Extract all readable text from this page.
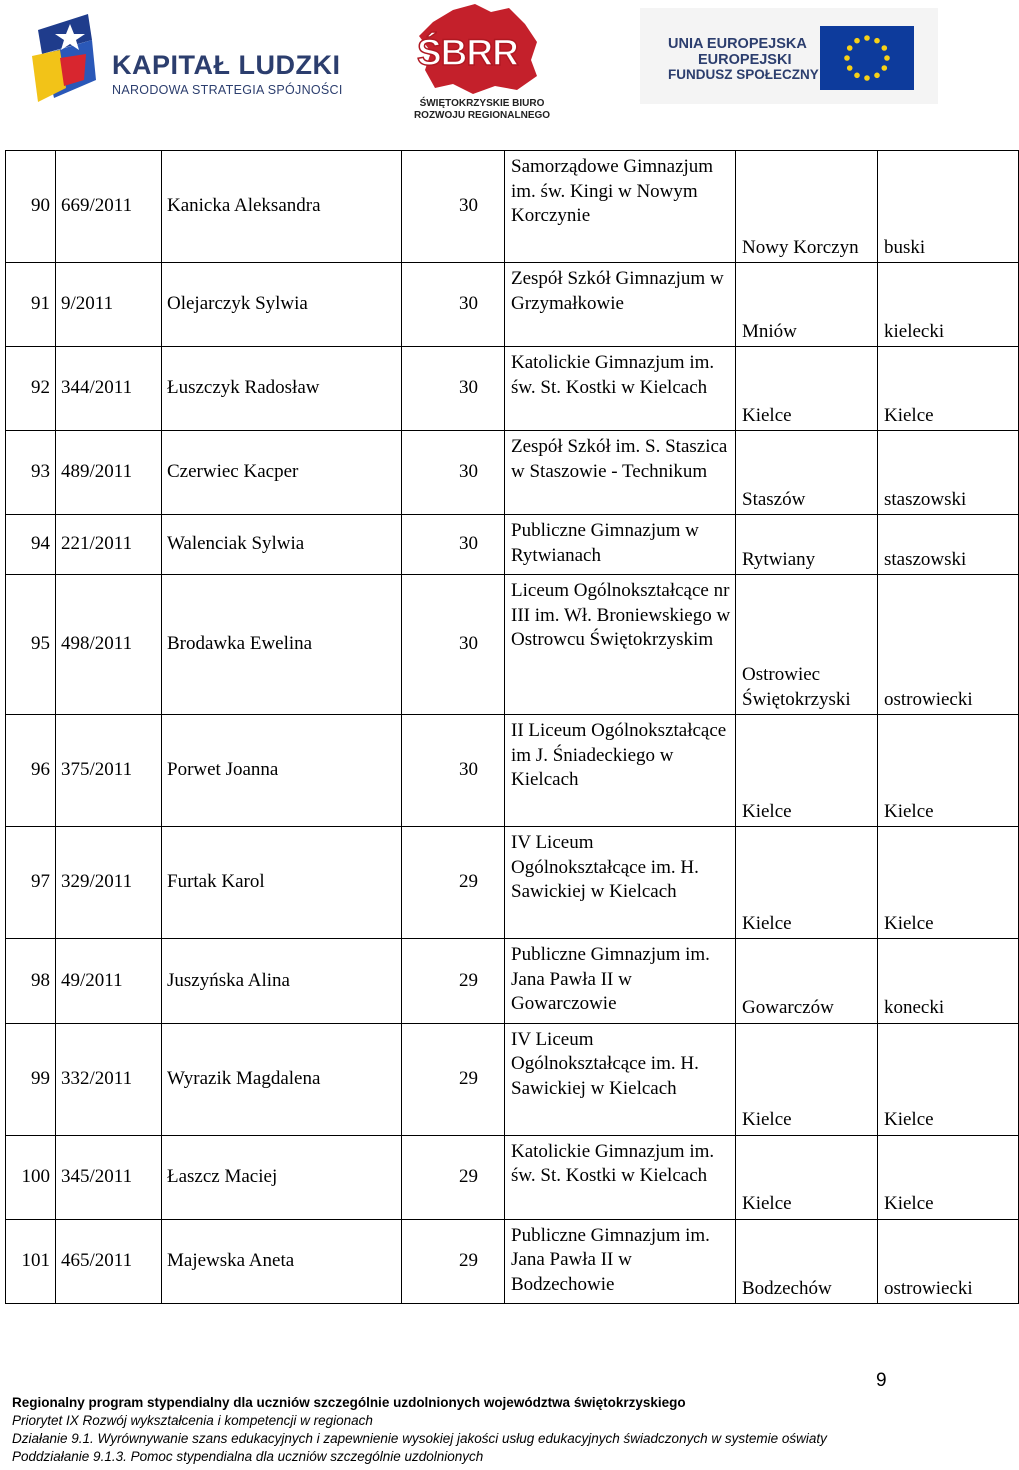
KAPITAŁ LUDZKI
NARODOWA STRATEGIA SPÓJNOŚCI
ŚBRR
ŚWIĘTOKRZYSKIE BIURO
ROZWOJU REGIONALNEGO
UNIA EUROPEJSKA
EUROPEJSKI
FUNDUSZ SPOŁECZNY
90	669/2011	Kanicka Aleksandra	30	Samorządowe Gimnazjum im. św. Kingi w Nowym Korczynie	Nowy Korczyn	buski
91	9/2011	Olejarczyk Sylwia	30	Zespół Szkół Gimnazjum w Grzymałkowie	Mniów	kielecki
92	344/2011	Łuszczyk Radosław	30	Katolickie Gimnazjum im. św. St. Kostki w Kielcach	Kielce	Kielce
93	489/2011	Czerwiec Kacper	30	Zespół Szkół im. S. Staszica w Staszowie - Technikum	Staszów	staszowski
94	221/2011	Walenciak Sylwia	30	Publiczne Gimnazjum w Rytwianach	Rytwiany	staszowski
95	498/2011	Brodawka Ewelina	30	Liceum Ogólnokształcące nr III im. Wł. Broniewskiego w Ostrowcu Świętokrzyskim	Ostrowiec Świętokrzyski	ostrowiecki
96	375/2011	Porwet Joanna	30	II Liceum Ogólnokształcące im J. Śniadeckiego w Kielcach	Kielce	Kielce
97	329/2011	Furtak Karol	29	IV Liceum Ogólnokształcące im. H. Sawickiej w Kielcach	Kielce	Kielce
98	49/2011	Juszyńska Alina	29	Publiczne Gimnazjum im. Jana Pawła II w Gowarczowie	Gowarczów	konecki
99	332/2011	Wyrazik Magdalena	29	IV Liceum Ogólnokształcące im. H. Sawickiej w Kielcach	Kielce	Kielce
100	345/2011	Łaszcz Maciej	29	Katolickie Gimnazjum im. św. St. Kostki w Kielcach	Kielce	Kielce
101	465/2011	Majewska Aneta	29	Publiczne Gimnazjum im. Jana Pawła II w Bodzechowie	Bodzechów	ostrowiecki
9
Regionalny program stypendialny dla uczniów szczególnie uzdolnionych województwa świętokrzyskiego
Priorytet IX Rozwój wykształcenia i kompetencji w regionach
Działanie 9.1. Wyrównywanie szans edukacyjnych i zapewnienie wysokiej jakości usług edukacyjnych świadczonych w systemie oświaty
Poddziałanie 9.1.3. Pomoc stypendialna dla uczniów szczególnie uzdolnionych
